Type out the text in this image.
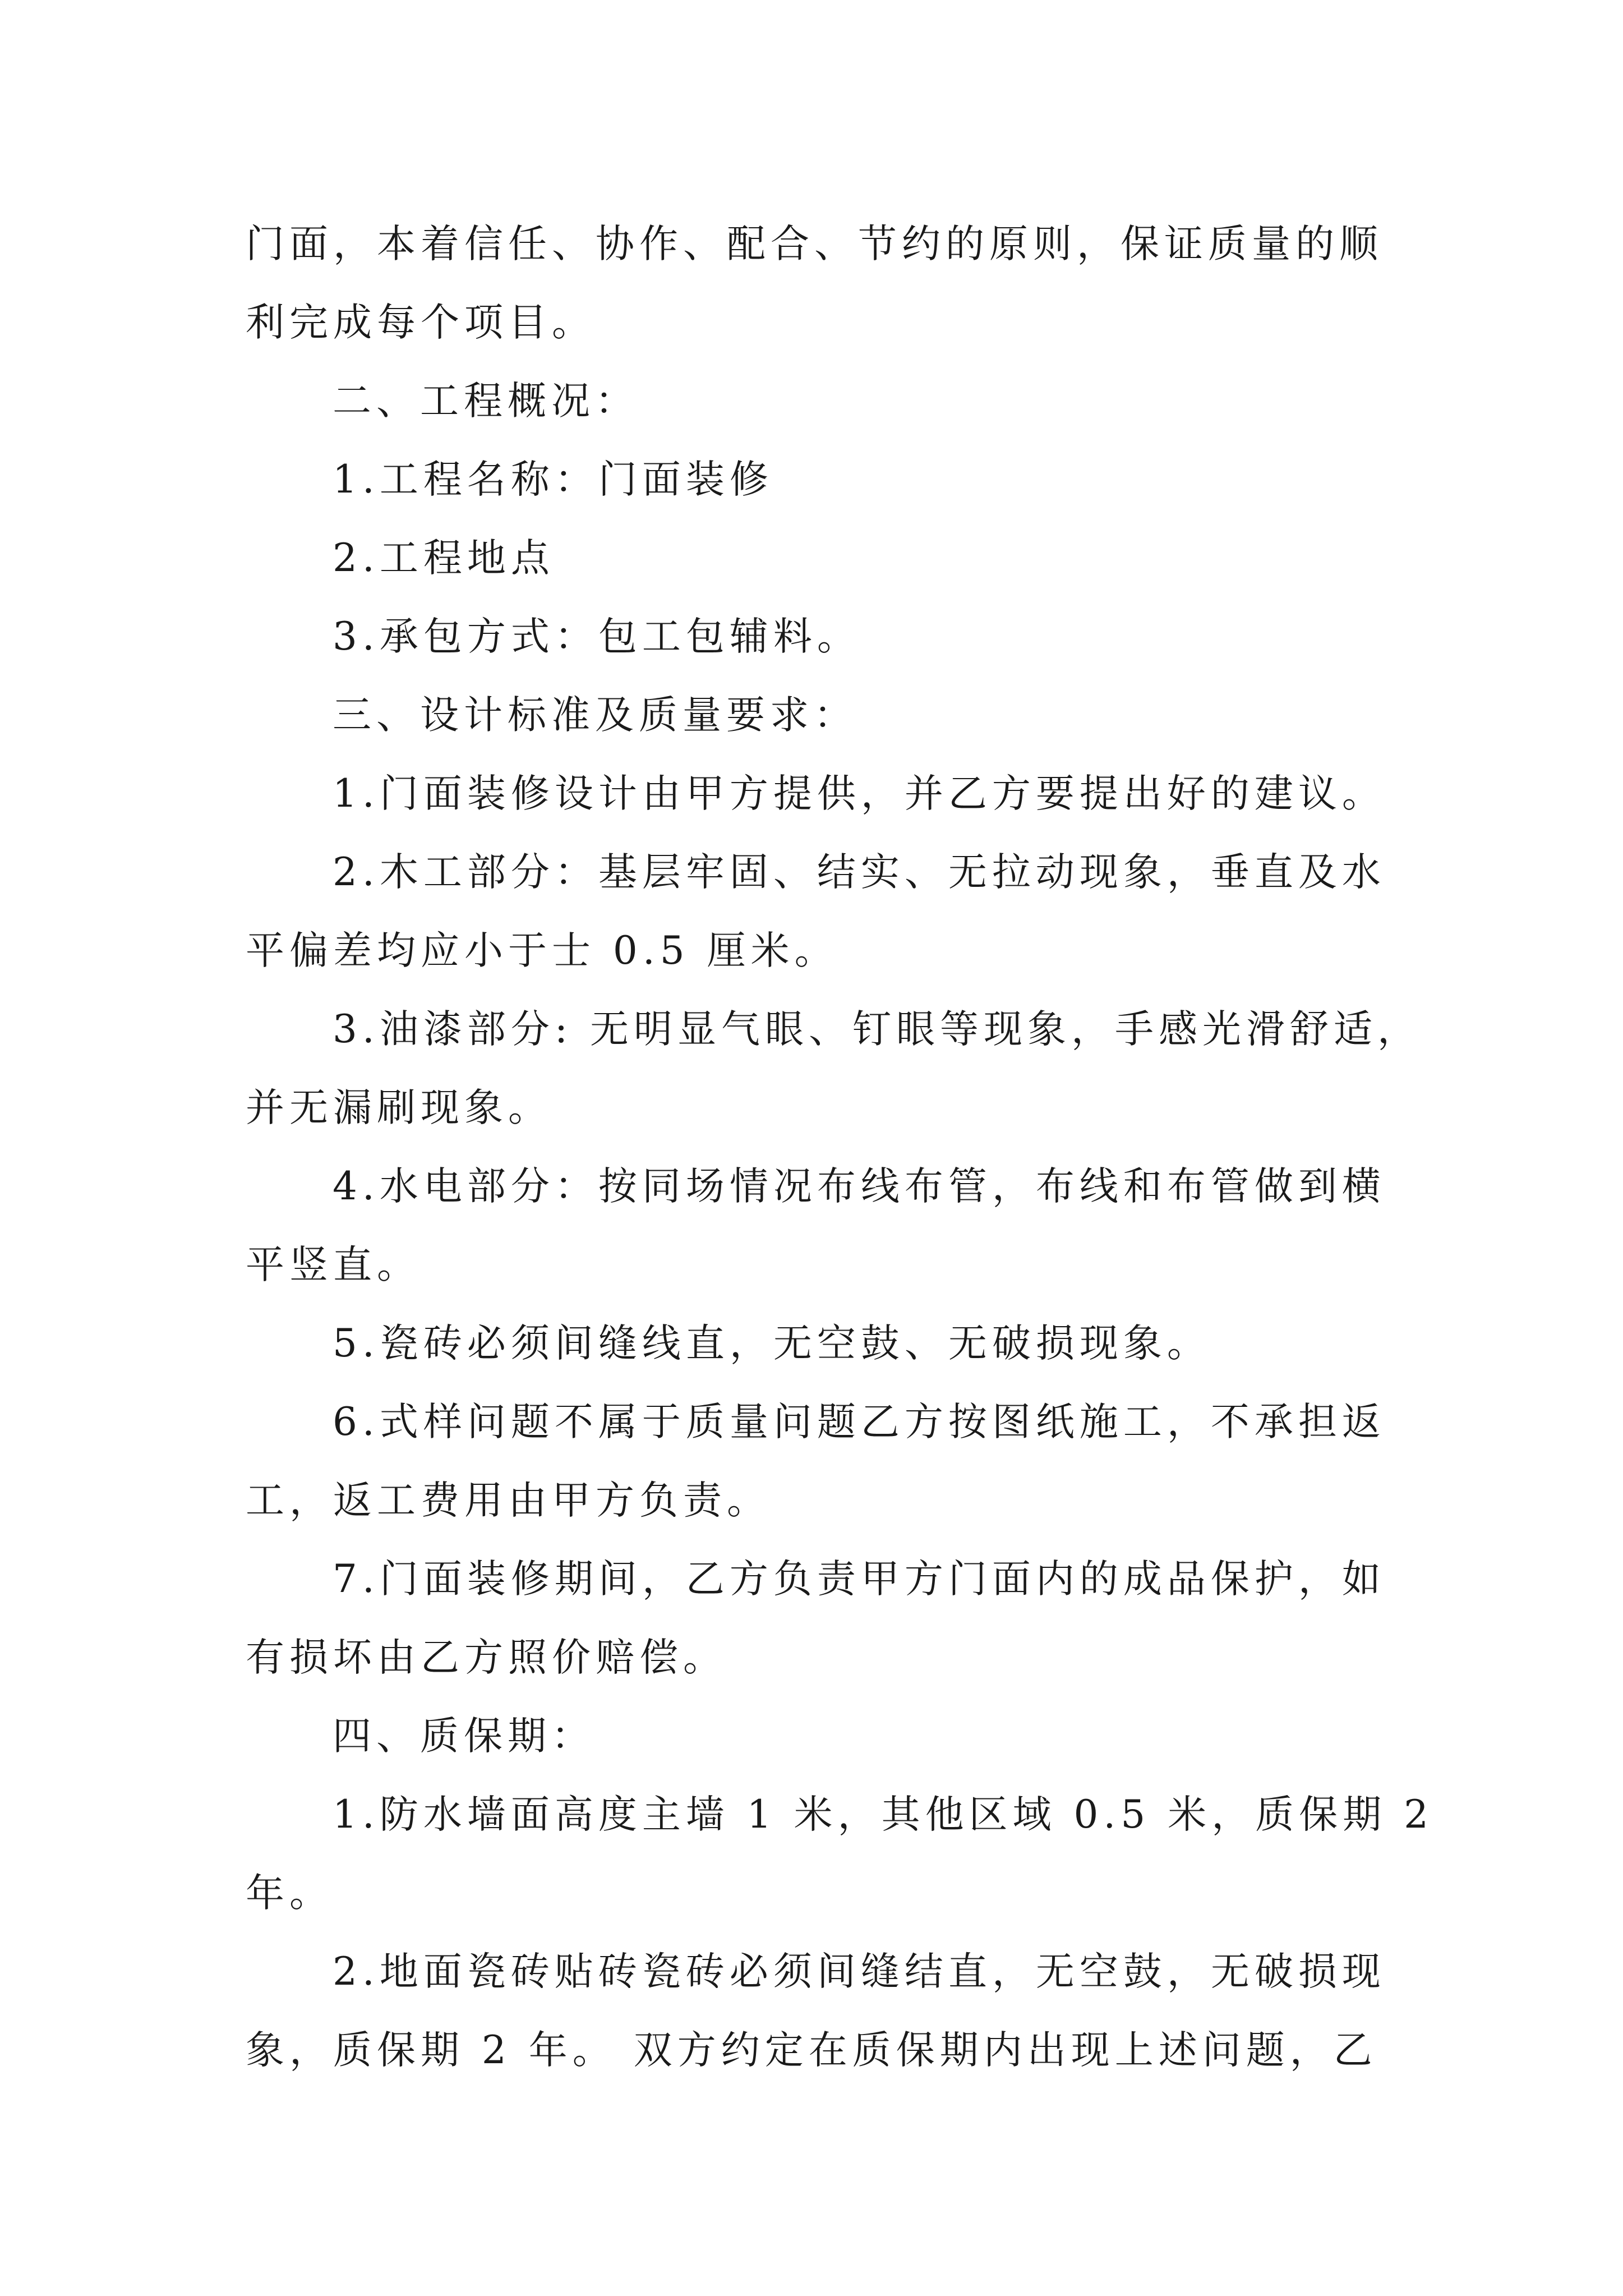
门面，本着信任、协作、配合、节约的原则，保证质量的顺
利完成每个项目。
二、工程概况：
1.工程名称：门面装修
2.工程地点
3.承包方式：包工包辅料。
三、设计标准及质量要求：
1.门面装修设计由甲方提供，并乙方要提出好的建议。
2.木工部分：基层牢固、结实、无拉动现象，垂直及水
平偏差均应小于士 0.5 厘米。
3.油漆部分: 无明显气眼、钉眼等现象，手感光滑舒适，
并无漏刷现象。
4.水电部分：按同场情况布线布管，布线和布管做到横
平竖直。
5.瓷砖必须间缝线直，无空鼓、无破损现象。
6.式样问题不属于质量问题乙方按图纸施工，不承担返
工，返工费用由甲方负责。
7.门面装修期间，乙方负责甲方门面内的成品保护，如
有损坏由乙方照价赔偿。
四、质保期：
1.防水墙面高度主墙 1 米，其他区域 0.5 米，质保期 2
年。
2.地面瓷砖贴砖瓷砖必须间缝结直，无空鼓，无破损现
象，质保期 2 年。 双方约定在质保期内出现上述问题，乙
